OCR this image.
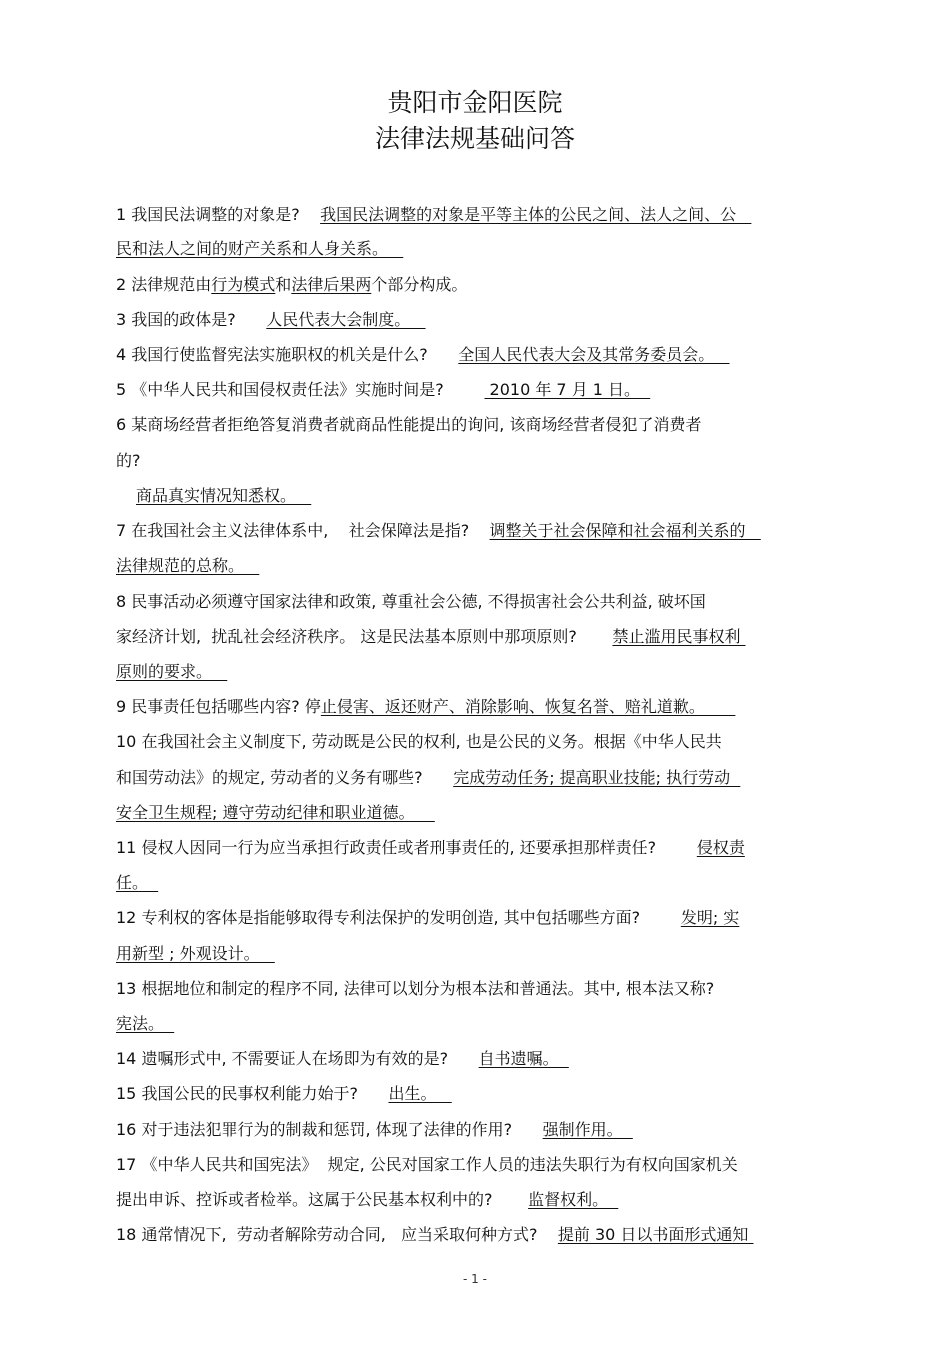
贵阳市金阳医院
法律法规基础问答
1 我国民法调整的对象是?    我国民法调整的对象是平等主体的公民之间、法人之间、公
民和法人之间的财产关系和人身关系。
2 法律规范由行为模式和法律后果两个部分构成。
3 我国的政体是?      人民代表大会制度。
4 我国行使监督宪法实施职权的机关是什么?      全国人民代表大会及其常务委员会。
5 《中华人民共和国侵权责任法》实施时间是?         2010 年 7 月 1 日。
6 某商场经营者拒绝答复消费者就商品性能提出的询问, 该商场经营者侵犯了消费者
的?
商品真实情况知悉权。
7 在我国社会主义法律体系中,    社会保障法是指?    调整关于社会保障和社会福利关系的
法律规范的总称。
8 民事活动必须遵守国家法律和政策, 尊重社会公德, 不得损害社会公共利益, 破坏国
家经济计划,  扰乱社会经济秩序。 这是民法基本原则中那项原则?       禁止滥用民事权利
原则的要求。
9 民事责任包括哪些内容? 停止侵害、返还财产、消除影响、恢复名誉、赔礼道歉。
10 在我国社会主义制度下, 劳动既是公民的权利, 也是公民的义务。根据《中华人民共
和国劳动法》的规定, 劳动者的义务有哪些?      完成劳动任务; 提高职业技能; 执行劳动
安全卫生规程; 遵守劳动纪律和职业道德。
11 侵权人因同一行为应当承担行政责任或者刑事责任的, 还要承担那样责任?        侵权责
任。
12 专利权的客体是指能够取得专利法保护的发明创造, 其中包括哪些方面?        发明; 实
用新型 ; 外观设计。
13 根据地位和制定的程序不同, 法律可以划分为根本法和普通法。其中, 根本法又称?
宪法。
14 遗嘱形式中, 不需要证人在场即为有效的是?      自书遗嘱。
15 我国公民的民事权利能力始于?      出生。
16 对于违法犯罪行为的制裁和惩罚, 体现了法律的作用?      强制作用。
17 《中华人民共和国宪法》  规定, 公民对国家工作人员的违法失职行为有权向国家机关
提出申诉、控诉或者检举。这属于公民基本权利中的?       监督权利。
18 通常情况下,  劳动者解除劳动合同,   应当采取何种方式?    提前 30 日以书面形式通知
- 1 -
